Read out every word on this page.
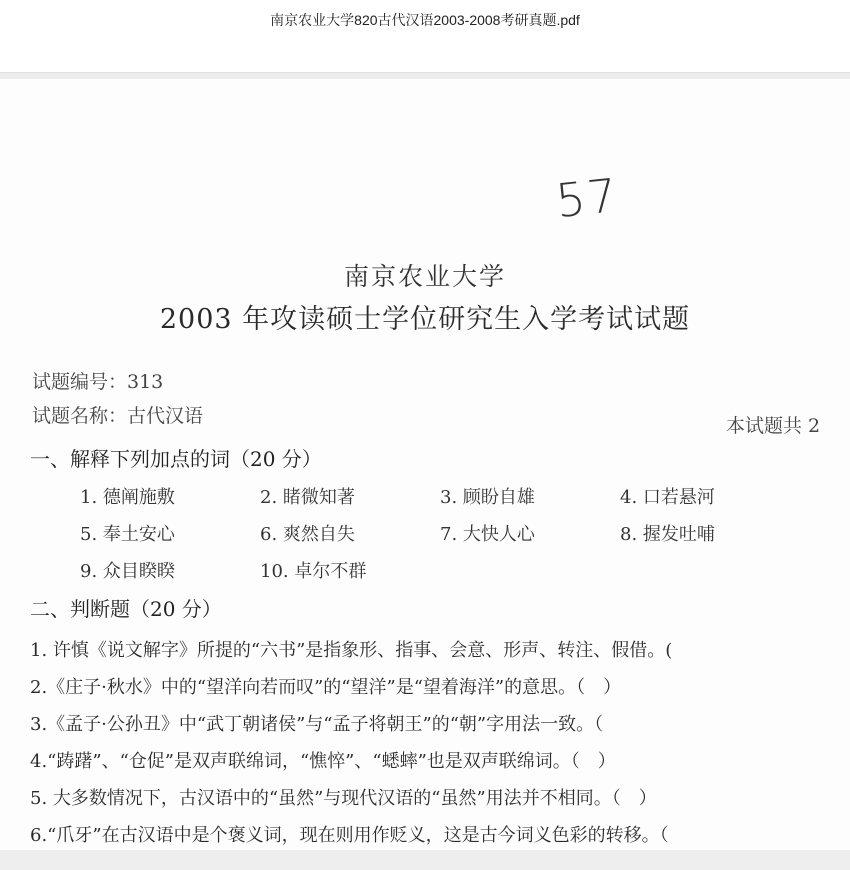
南京农业大学820古代汉语2003-2008考研真题.pdf
57
南京农业大学
2003 年攻读硕士学位研究生入学考试试题
试题编号：313
试题名称：古代汉语	本试题共 2
一、解释下列加点的词（20 分）
1. 德阐施敷	2. 睹微知著	3. 顾盼自雄	4. 口若悬河
5. 奉土安心	6. 爽然自失	7. 大快人心	8. 握发吐哺
9. 众目睽睽	10. 卓尔不群
二、判断题（20 分）
1. 许慎《说文解字》所提的“六书”是指象形、指事、会意、形声、转注、假借。(
2.《庄子·秋水》中的“望洋向若而叹”的“望洋”是“望着海洋”的意思。（　）
3.《孟子·公孙丑》中“武丁朝诸侯”与“孟子将朝王”的“朝”字用法一致。（
4.“踌躇”、“仓促”是双声联绵词，“憔悴”、“蟋蟀”也是双声联绵词。（　）
5. 大多数情况下，古汉语中的“虽然”与现代汉语的“虽然”用法并不相同。（　）
6.“爪牙”在古汉语中是个褒义词，现在则用作贬义，这是古今词义色彩的转移。（
